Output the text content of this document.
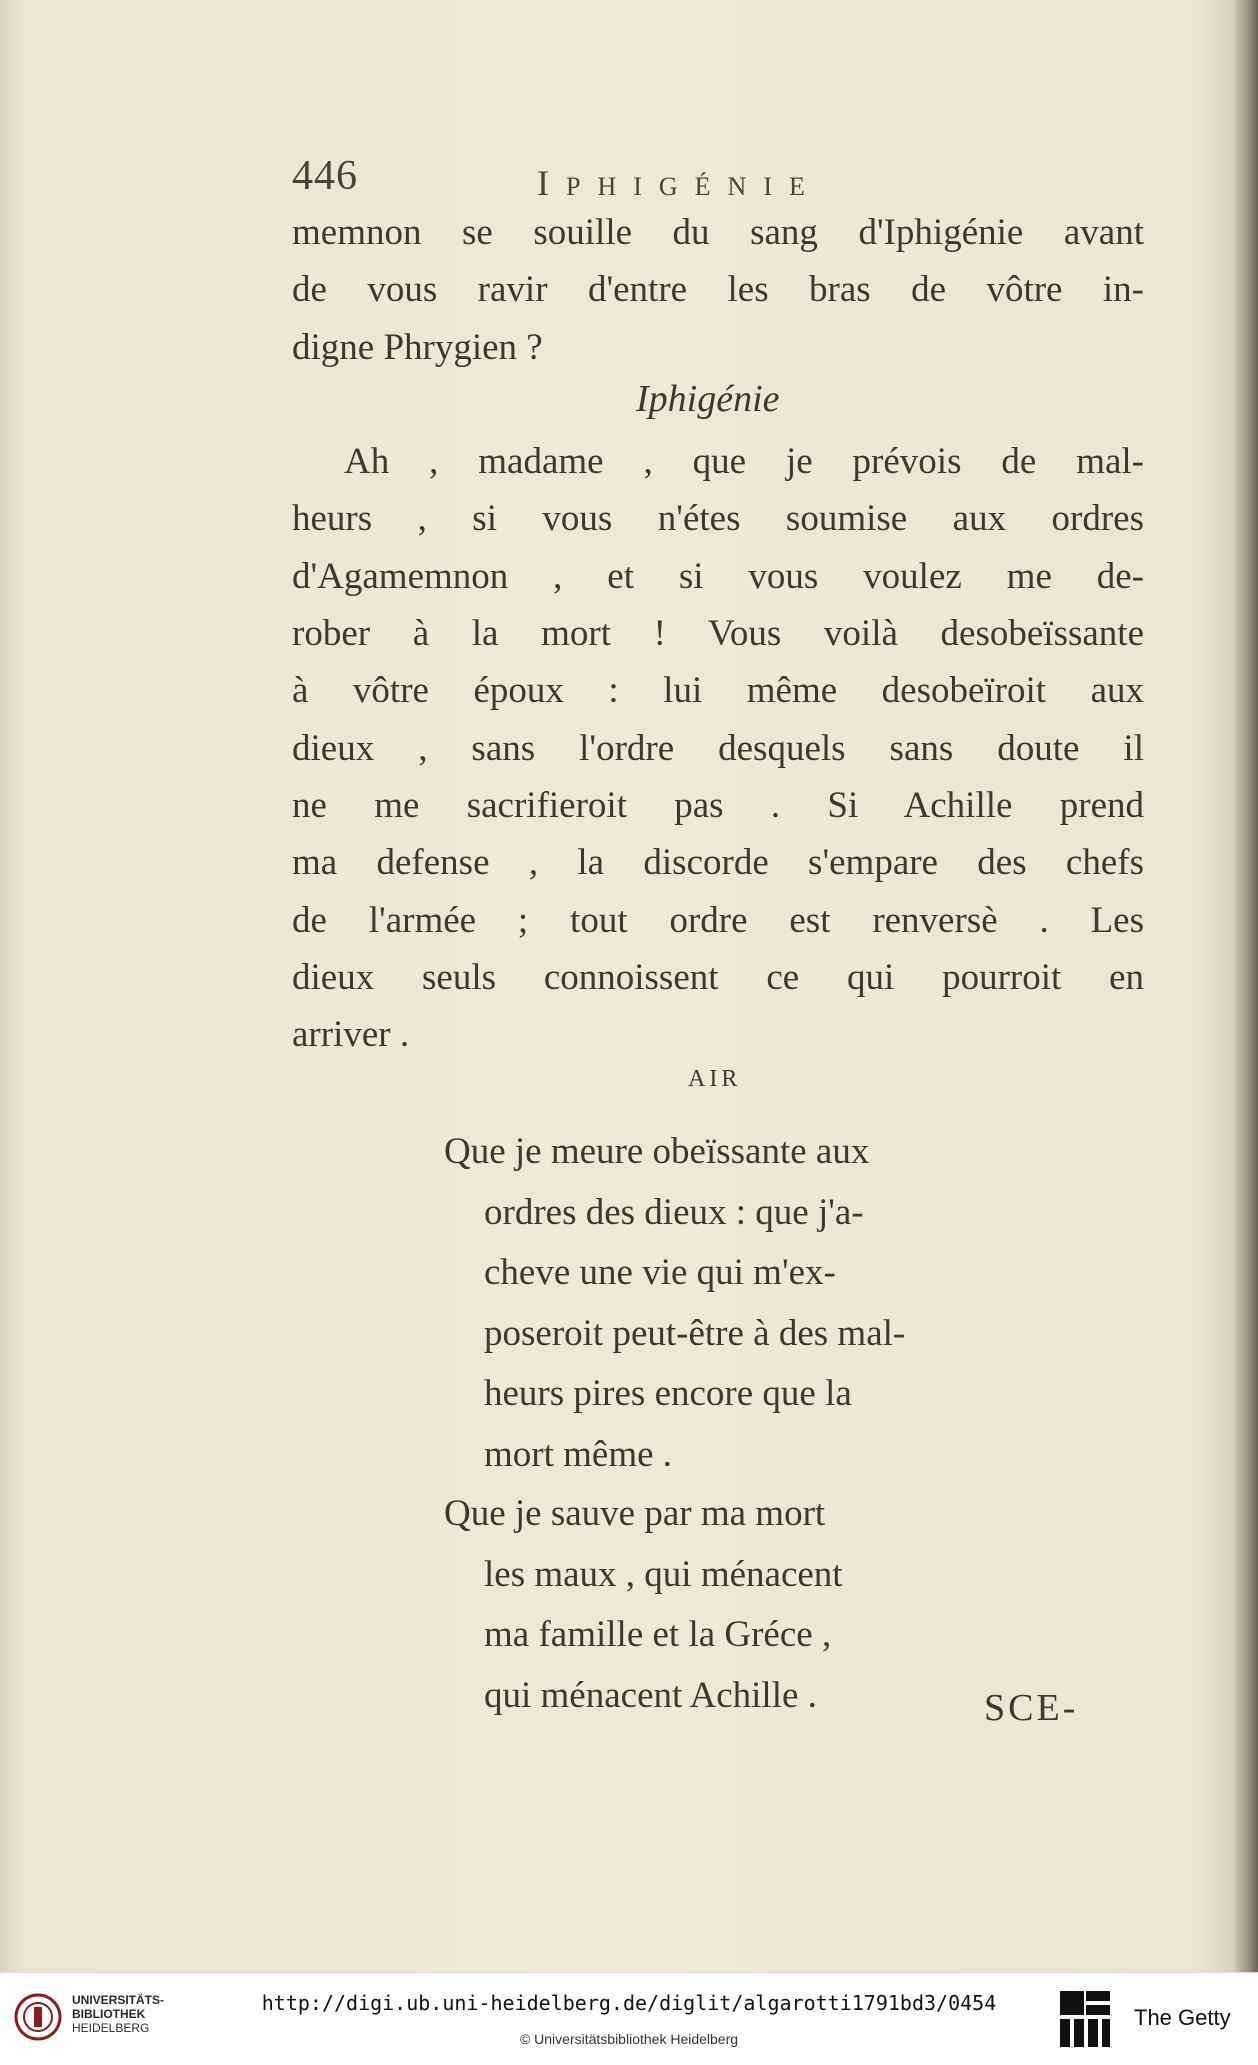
446	IPHIGÉNIE
memnon se souille du sang d'Iphigénie avant
de vous ravir d'entre les bras de vôtre in-
digne Phrygien ?
Ah , madame , que je prévois de mal-
heurs , si vous n'étes soumise aux ordres
d'Agamemnon , et si vous voulez me de-
rober à la mort ! Vous voilà desobeïssante
à vôtre époux : lui même desobeïroit aux
dieux , sans l'ordre desquels sans doute il
ne me sacrifieroit pas . Si Achille prend
ma defense , la discorde s'empare des chefs
de l'armée ; tout ordre est renversè . Les
dieux seuls connoissent ce qui pourroit en
arriver .
Iphigénie
AIR
Que je meure obeïssante aux
ordres des dieux : que j'a-
cheve une vie qui m'ex-
poseroit peut-être à des mal-
heurs pires encore que la
mort même .
Que je sauve par ma mort
les maux , qui ménacent
ma famille et la Gréce ,
qui ménacent Achille .	SCE-
UNIVERSITÄTS-
BIBLIOTHEK
HEIDELBERG
http://digi.ub.uni-heidelberg.de/diglit/algarotti1791bd3/0454
© Universitätsbibliothek Heidelberg
The Getty
